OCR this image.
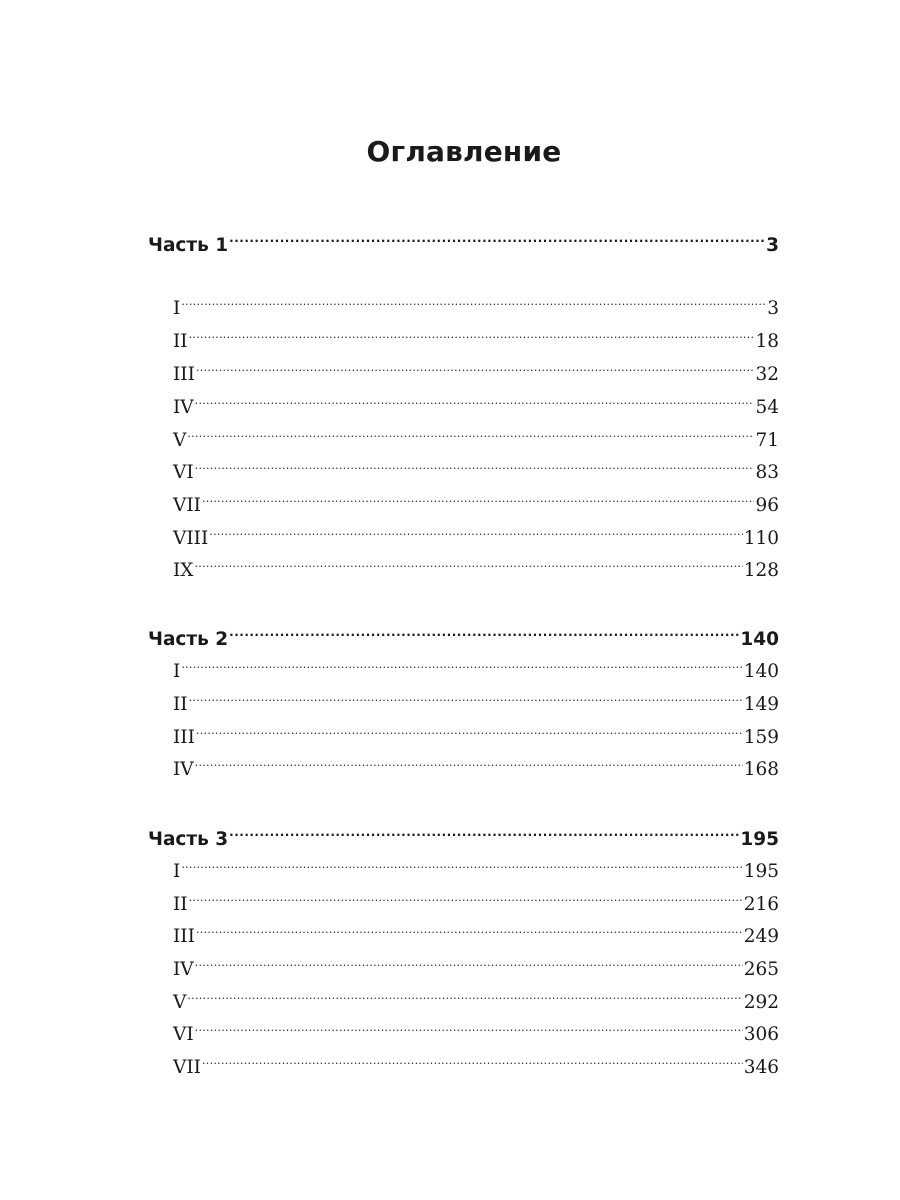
Оглавление
Часть 1 .....	3
I .....	3
II .....	18
III .....	32
IV .....	54
V .....	71
VI .....	83
VII .....	96
VIII .....	110
IX .....	128
Часть 2 .....	140
I .....	140
II .....	149
III .....	159
IV .....	168
Часть 3 .....	195
I .....	195
II .....	216
III .....	249
IV .....	265
V .....	292
VI .....	306
VII .....	346
